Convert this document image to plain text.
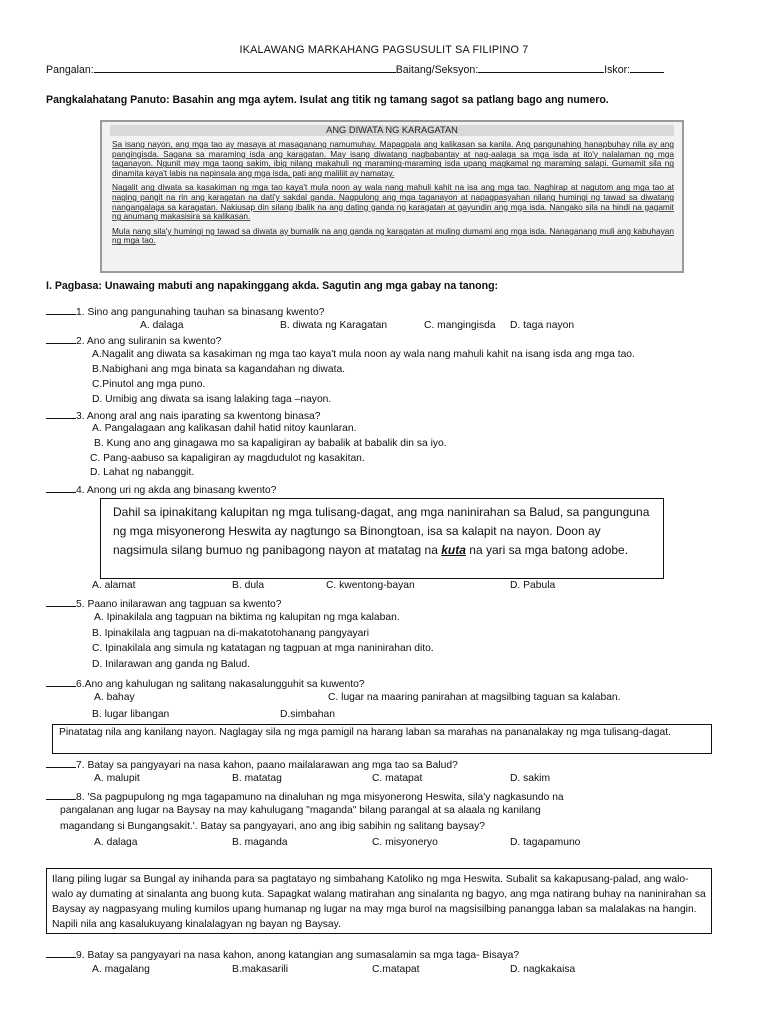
IKALAWANG MARKAHANG PAGSUSULIT SA FILIPINO 7
Pangalan:	Baitang/Seksyon:	Iskor:
Pangkalahatang Panuto: Basahin ang mga aytem. Isulat ang titik ng tamang sagot sa patlang bago ang numero.
ANG DIWATA NG KARAGATAN

Sa isang nayon, ang mga tao ay masaya at masaganang namumuhay. Mapagpala ang kalikasan sa kanila. Ang pangunahing hanapbuhay nila ay ang pangingisda. Sagana sa maraming isda ang karagatan. May isang diwatang nagbabantay at nag-aalaga sa mga isda at ito'y nalalaman ng mga taganayon. Ngunit may mga taong sakim, ibig nilang makahuli ng maraming-maraming isda upang magkamal ng maraming salapi. Gumamit sila ng dinamita kaya't labis na napinsala ang mga isda, pati ang maliliit ay namatay.

Nagalit ang diwata sa kasakiman ng mga tao kaya't mula noon ay wala nang mahuli kahit na isa ang mga tao. Naghirap at nagutom ang mga tao at naging pangit na rin ang karagatan na dati'y sakdal ganda. Nagpulong ang mga taganayon at napagpasyahan nilang humingi ng tawad sa diwatang nangangalaga sa karagatan. Nakiusap din silang ibalik na ang dating ganda ng karagatan at gayundin ang mga isda. Nangako sila na hindi na gagamit ng anumang makasisira sa kalikasan.

Mula nang sila'y humingi ng tawad sa diwata ay bumalik na ang ganda ng karagatan at muling dumami ang mga isda. Nanaganang muli ang kabuhayan ng mga tao.

I. Pagbasa: Unawaing mabuti ang napakinggang akda. Sagutin ang mga gabay na tanong:
1. Sino ang pangunahing tauhan sa binasang kwento?
A. dalaga	B. diwata ng Karagatan	C. mangingisda D. taga nayon
2. Ano ang suliranin sa kwento?
A.Nagalit ang diwata sa kasakiman ng mga tao kaya't mula noon ay wala nang mahuli kahit na isang isda ang mga tao.
B.Nabighani ang mga binata sa kagandahan ng diwata.
C.Pinutol ang mga puno.
D. Umibig ang diwata sa isang lalaking taga –nayon.
3. Anong aral ang nais iparating sa kwentong binasa?
A. Pangalagaan ang kalikasan dahil hatid nitoy kaunlaran.
B. Kung ano ang ginagawa mo sa kapaligiran ay babalik at babalik din sa iyo.
C. Pang-aabuso sa kapaligiran ay magdudulot ng kasakitan.
D. Lahat ng nabanggit.
4. Anong uri ng akda ang binasang kwento?
Dahil sa ipinakitang kalupitan ng mga tulisang-dagat, ang mga naninirahan sa Balud, sa pangunguna ng mga misyonerong Heswita ay nagtungo sa Binongtoan, isa sa kalapit na nayon. Doon ay nagsimula silang bumuo ng panibagong nayon at matatag na kuta na yari sa mga batong adobe.
A. alamat	B. dula	C. kwentong-bayan	D. Pabula
5. Paano inilarawan ang tagpuan sa kwento?
A. Ipinakilala ang tagpuan na biktima ng kalupitan ng mga kalaban.
B. Ipinakilala ang tagpuan na di-makatotohanang pangyayari
C. Ipinakilala ang simula ng katatagan ng tagpuan at mga naninirahan dito.
D. Inilarawan ang ganda ng Balud.
6.Ano ang kahulugan ng salitang nakasalungguhit sa kuwento?
A. bahay	C. lugar na maaring panirahan at magsilbing taguan sa kalaban.
B. lugar libangan	D.simbahan
Pinatatag nila ang kanilang nayon. Naglagay sila ng mga pamigil na harang laban sa marahas na pananalakay ng mga tulisang-dagat.
7. Batay sa pangyayari na nasa kahon, paano mailalarawan ang mga tao sa Balud?
A. malupit	B. matatag	C. matapat	D. sakim
8. 'Sa pagpupulong ng mga tagapamuno na dinaluhan ng mga misyonerong Heswita, sila'y nagkasundo na
pangalanan ang lugar na Baysay na may kahulugang "maganda" bilang parangal at sa alaala ng kanilang
magandang si Bungangsakit.'. Batay sa pangyayari, ano ang ibig sabihin ng salitang baysay?
A. dalaga	B. maganda	C. misyoneryo	D. tagapamuno
Ilang piling lugar sa Bungal ay inihanda para sa pagtatayo ng simbahang Katoliko ng mga Heswita. Subalit sa kakapusang-palad, ang walo-walo ay dumating at sinalanta ang buong kuta. Sapagkat walang matirahan ang sinalanta ng bagyo, ang mga natirang buhay na naninirahan sa Baysay ay nagpasyang muling kumilos upang humanap ng lugar na may mga burol na magsisilbing panangga laban sa malalakas na hangin. Napili nila ang kasalukuyang kinalalagyan ng bayan ng Baysay.
9. Batay sa pangyayari na nasa kahon, anong katangian ang sumasalamin sa mga taga- Bisaya?
A. magalang	B.makasarili	C.matapat	D. nagkakaisa
